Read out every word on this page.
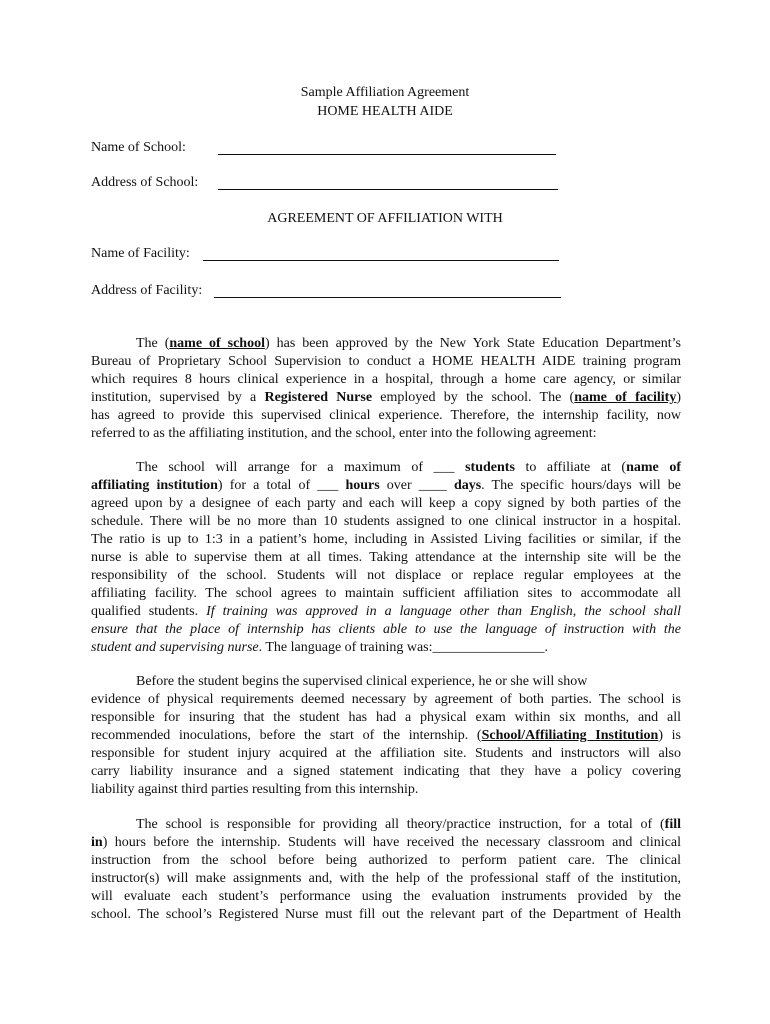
Sample Affiliation Agreement
HOME HEALTH AIDE
Name of School:
Address of School:
AGREEMENT OF AFFILIATION WITH
Name of Facility:
Address of Facility:
The (name of school) has been approved by the New York State Education Department’s
Bureau of Proprietary School Supervision to conduct a HOME HEALTH AIDE training program
which requires 8 hours clinical experience in a hospital, through a home care agency, or similar
institution, supervised by a Registered Nurse employed by the school. The (name of facility)
has agreed to provide this supervised clinical experience. Therefore, the internship facility, now
referred to as the affiliating institution, and the school, enter into the following agreement:
The school will arrange for a maximum of ___ students to affiliate at (name of
affiliating institution) for a total of ___ hours over ____ days. The specific hours/days will be
agreed upon by a designee of each party and each will keep a copy signed by both parties of the
schedule. There will be no more than 10 students assigned to one clinical instructor in a hospital.
The ratio is up to 1:3 in a patient’s home, including in Assisted Living facilities or similar, if the
nurse is able to supervise them at all times. Taking attendance at the internship site will be the
responsibility of the school. Students will not displace or replace regular employees at the
affiliating facility. The school agrees to maintain sufficient affiliation sites to accommodate all
qualified students. If training was approved in a language other than English, the school shall
ensure that the place of internship has clients able to use the language of instruction with the
student and supervising nurse. The language of training was:________________.
Before the student begins the supervised clinical experience, he or she will show
evidence of physical requirements deemed necessary by agreement of both parties. The school is
responsible for insuring that the student has had a physical exam within six months, and all
recommended inoculations, before the start of the internship. (School/Affiliating Institution) is
responsible for student injury acquired at the affiliation site. Students and instructors will also
carry liability insurance and a signed statement indicating that they have a policy covering
liability against third parties resulting from this internship.
The school is responsible for providing all theory/practice instruction, for a total of (fill
in) hours before the internship. Students will have received the necessary classroom and clinical
instruction from the school before being authorized to perform patient care. The clinical
instructor(s) will make assignments and, with the help of the professional staff of the institution,
will evaluate each student’s performance using the evaluation instruments provided by the
school. The school’s Registered Nurse must fill out the relevant part of the Department of Health
